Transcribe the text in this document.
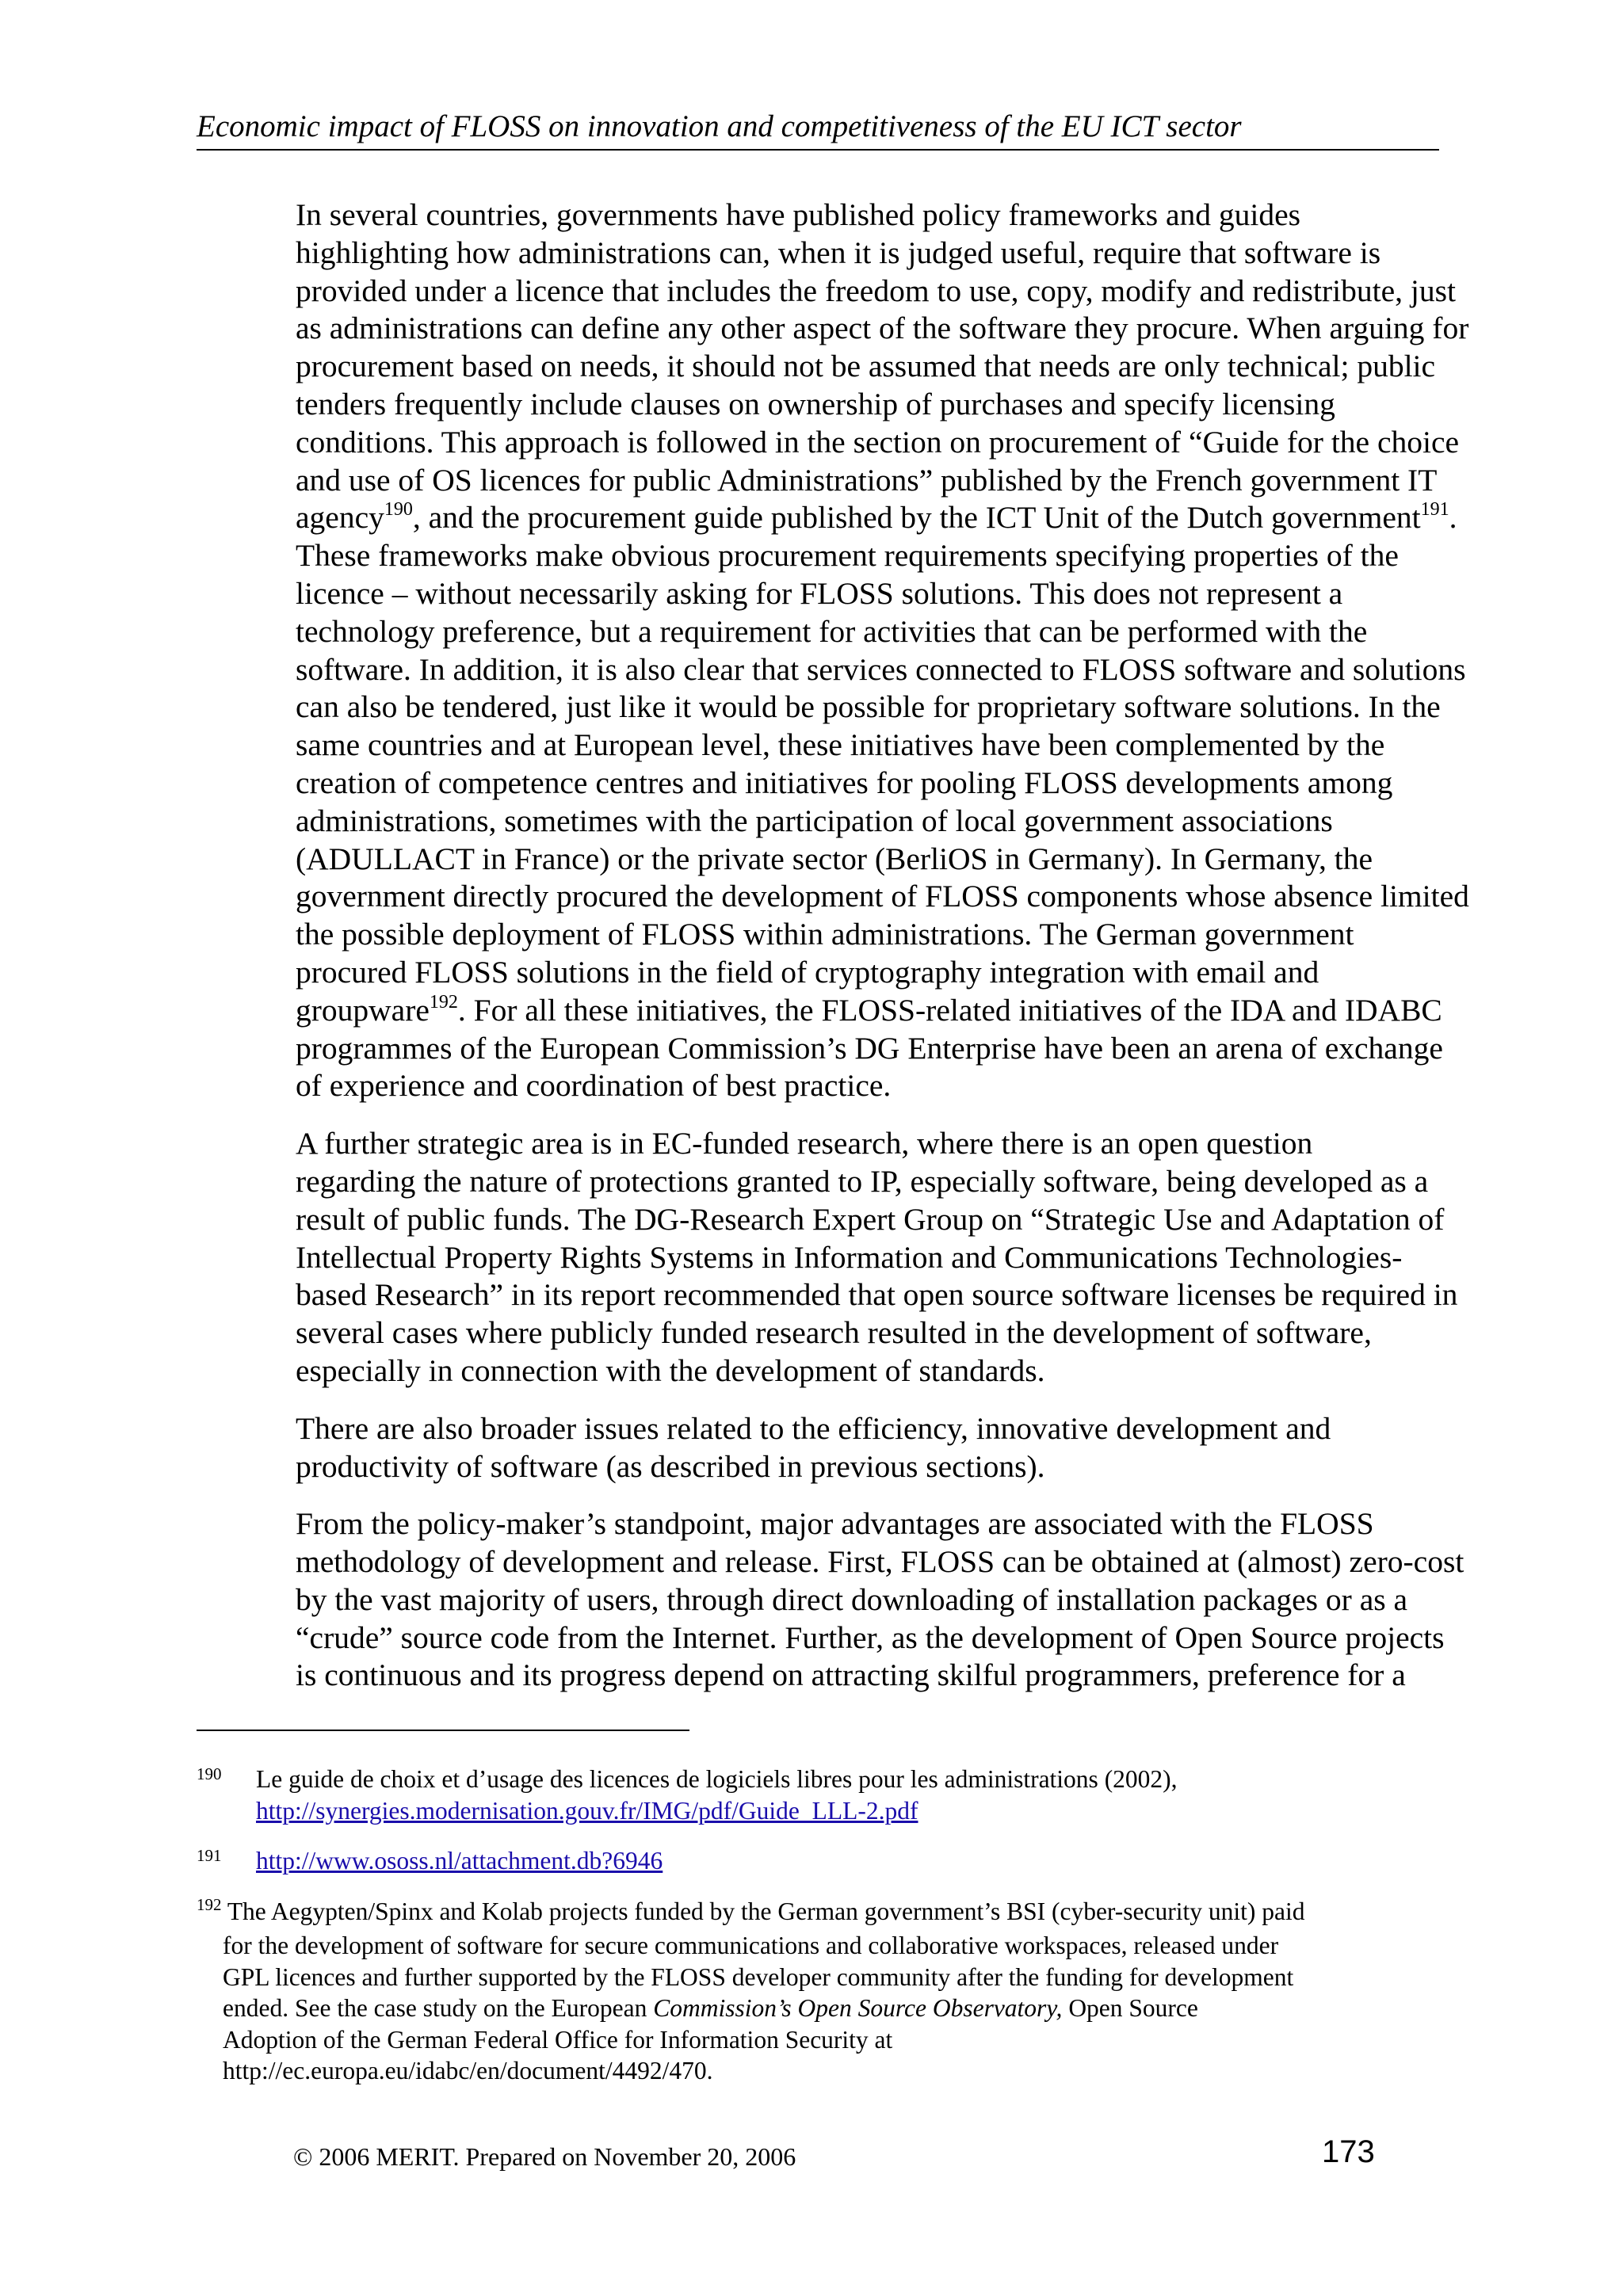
Economic impact of FLOSS on innovation and competitiveness of the EU ICT sector

In several countries, governments have published policy frameworks and guides
highlighting how administrations can, when it is judged useful, require that software is
provided under a licence that includes the freedom to use, copy, modify and redistribute, just
as administrations can define any other aspect of the software they procure. When arguing for
procurement based on needs, it should not be assumed that needs are only technical; public
tenders frequently include clauses on ownership of purchases and specify licensing
conditions. This approach is followed in the section on procurement of “Guide for the choice
and use of OS licences for public Administrations” published by the French government IT
agency$^{190}$, and the procurement guide published by the ICT Unit of the Dutch government$^{191}$.
These frameworks make obvious procurement requirements specifying properties of the
licence – without necessarily asking for FLOSS solutions. This does not represent a
technology preference, but a requirement for activities that can be performed with the
software. In addition, it is also clear that services connected to FLOSS software and solutions
can also be tendered, just like it would be possible for proprietary software solutions. In the
same countries and at European level, these initiatives have been complemented by the
creation of competence centres and initiatives for pooling FLOSS developments among
administrations, sometimes with the participation of local government associations
(ADULLACT in France) or the private sector (BerliOS in Germany). In Germany, the
government directly procured the development of FLOSS components whose absence limited
the possible deployment of FLOSS within administrations. The German government
procured FLOSS solutions in the field of cryptography integration with email and
groupware$^{192}$. For all these initiatives, the FLOSS-related initiatives of the IDA and IDABC
programmes of the European Commission’s DG Enterprise have been an arena of exchange
of experience and coordination of best practice.

A further strategic area is in EC-funded research, where there is an open question
regarding the nature of protections granted to IP, especially software, being developed as a
result of public funds. The DG-Research Expert Group on “Strategic Use and Adaptation of
Intellectual Property Rights Systems in Information and Communications Technologies-
based Research” in its report recommended that open source software licenses be required in
several cases where publicly funded research resulted in the development of software,
especially in connection with the development of standards.

There are also broader issues related to the efficiency, innovative development and
productivity of software (as described in previous sections).

From the policy-maker’s standpoint, major advantages are associated with the FLOSS
methodology of development and release. First, FLOSS can be obtained at (almost) zero-cost
by the vast majority of users, through direct downloading of installation packages or as a
“crude” source code from the Internet. Further, as the development of Open Source projects
is continuous and its progress depend on attracting skilful programmers, preference for a

190 Le guide de choix et d’usage des licences de logiciels libres pour les administrations (2002),
http://synergies.modernisation.gouv.fr/IMG/pdf/Guide_LLL-2.pdf
191 http://www.ososs.nl/attachment.db?6946
$^{192}$ The Aegypten/Spinx and Kolab projects funded by the German government’s BSI (cyber-security unit) paid
for the development of software for secure communications and collaborative workspaces, released under
GPL licences and further supported by the FLOSS developer community after the funding for development
ended. See the case study on the European Commission’s Open Source Observatory, Open Source
Adoption of the German Federal Office for Information Security at
http://ec.europa.eu/idabc/en/document/4492/470.
© 2006 MERIT. Prepared on November 20, 2006	173
